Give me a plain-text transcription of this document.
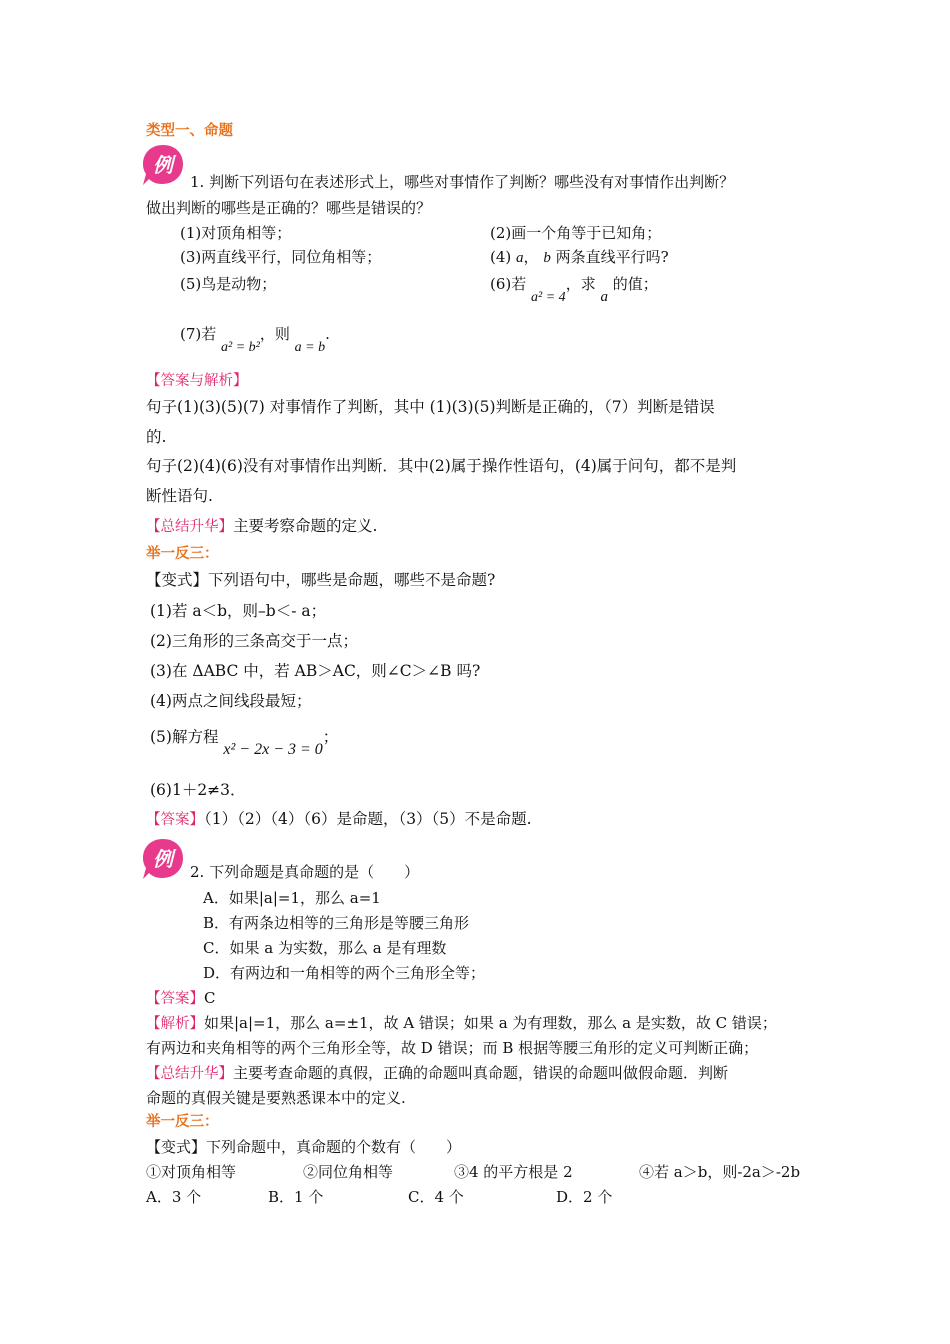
类型一、命题
例
1. 判断下列语句在表述形式上，哪些对事情作了判断？哪些没有对事情作出判断？
做出判断的哪些是正确的？哪些是错误的？
(1)对顶角相等；	(2)画一个角等于已知角；
(3)两直线平行，同位角相等；	(4) a， b 两条直线平行吗?
(5)鸟是动物；	(6)若 a² = 4，求 a 的值；
(7)若 a² = b²，则 a = b.
【答案与解析】
句子(1)(3)(5)(7) 对事情作了判断，其中 (1)(3)(5)判断是正确的，（7）判断是错误
的.
句子(2)(4)(6)没有对事情作出判断．其中(2)属于操作性语句，(4)属于问句，都不是判
断性语句.
【总结升华】主要考察命题的定义.
举一反三：
【变式】下列语句中，哪些是命题，哪些不是命题?
(1)若 a＜b，则–b＜- a；
(2)三角形的三条高交于一点；
(3)在 ΔABC 中，若 AB＞AC，则∠C＞∠B 吗?
(4)两点之间线段最短；
(5)解方程 x² − 2x − 3 = 0；
(6)1＋2≠3．
【答案】（1）（2）（4）（6）是命题，（3）（5）不是命题.
例
2. 下列命题是真命题的是（　　）
A．如果|a|=1，那么 a=1
B．有两条边相等的三角形是等腰三角形
C．如果 a 为实数，那么 a 是有理数
D．有两边和一角相等的两个三角形全等；
【答案】C
【解析】如果|a|=1，那么 a=±1，故 A 错误；如果 a 为有理数，那么 a 是实数，故 C 错误；
有两边和夹角相等的两个三角形全等，故 D 错误；而 B 根据等腰三角形的定义可判断正确；
【总结升华】主要考查命题的真假，正确的命题叫真命题，错误的命题叫做假命题．判断
命题的真假关键是要熟悉课本中的定义.
举一反三：
【变式】下列命题中，真命题的个数有（　　）
①对顶角相等	②同位角相等	③4 的平方根是 2	④若 a＞b，则-2a＞-2b
A．3 个	B．1 个	C．4 个	D．2 个
